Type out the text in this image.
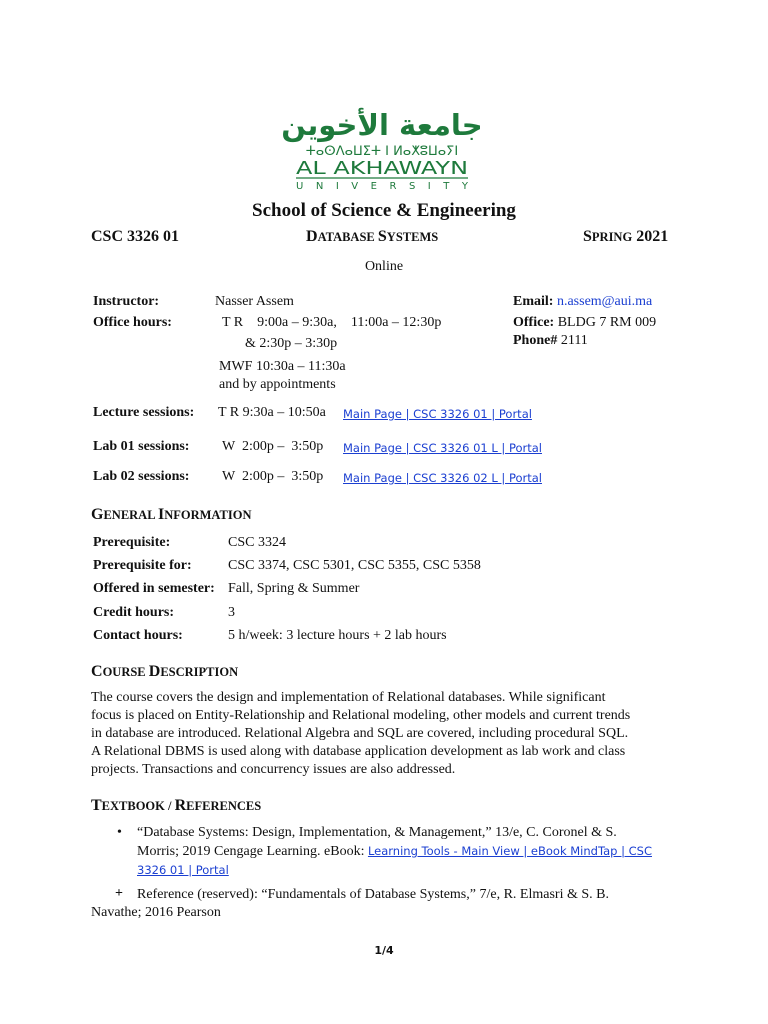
جامعة الأخوين
ⵜⴰⵙⴷⴰⵡⵉⵜ ⵏ ⵍⴰⵅⵓⵡⴰⵢⵏ
AL AKHAWAYN
UNIVERSITY
School of Science & Engineering
CSC 3326 01	DATABASE SYSTEMS	SPRING 2021
Online
Instructor:	Nasser Assem
Office hours:	T R    9:00a – 9:30a,    11:00a – 12:30p
& 2:30p – 3:30p
MWF 10:30a – 11:30a
and by appointments
Email: n.assem@aui.ma
Office: BLDG 7 RM 009
Phone# 2111
Lecture sessions: T R 9:30a – 10:50a Main Page | CSC 3326 01 | Portal
Lab 01 sessions: W  2:00p –  3:50p Main Page | CSC 3326 01 L | Portal
Lab 02 sessions: W  2:00p –  3:50p Main Page | CSC 3326 02 L | Portal
GENERAL INFORMATION
Prerequisite:	CSC 3324
Prerequisite for:	CSC 3374, CSC 5301, CSC 5355, CSC 5358
Offered in semester: Fall, Spring & Summer
Credit hours:	3
Contact hours:	5 h/week: 3 lecture hours + 2 lab hours
COURSE DESCRIPTION
The course covers the design and implementation of Relational databases. While significant
focus is placed on Entity-Relationship and Relational modeling, other models and current trends
in database are introduced. Relational Algebra and SQL are covered, including procedural SQL.
A Relational DBMS is used along with database application development as lab work and class
projects. Transactions and concurrency issues are also addressed.
TEXTBOOK / REFERENCES
• “Database Systems: Design, Implementation, & Management,” 13/e, C. Coronel & S.
Morris; 2019 Cengage Learning. eBook: Learning Tools - Main View | eBook MindTap | CSC
3326 01 | Portal
+ Reference (reserved): “Fundamentals of Database Systems,” 7/e, R. Elmasri & S. B.
Navathe; 2016 Pearson
1/4
